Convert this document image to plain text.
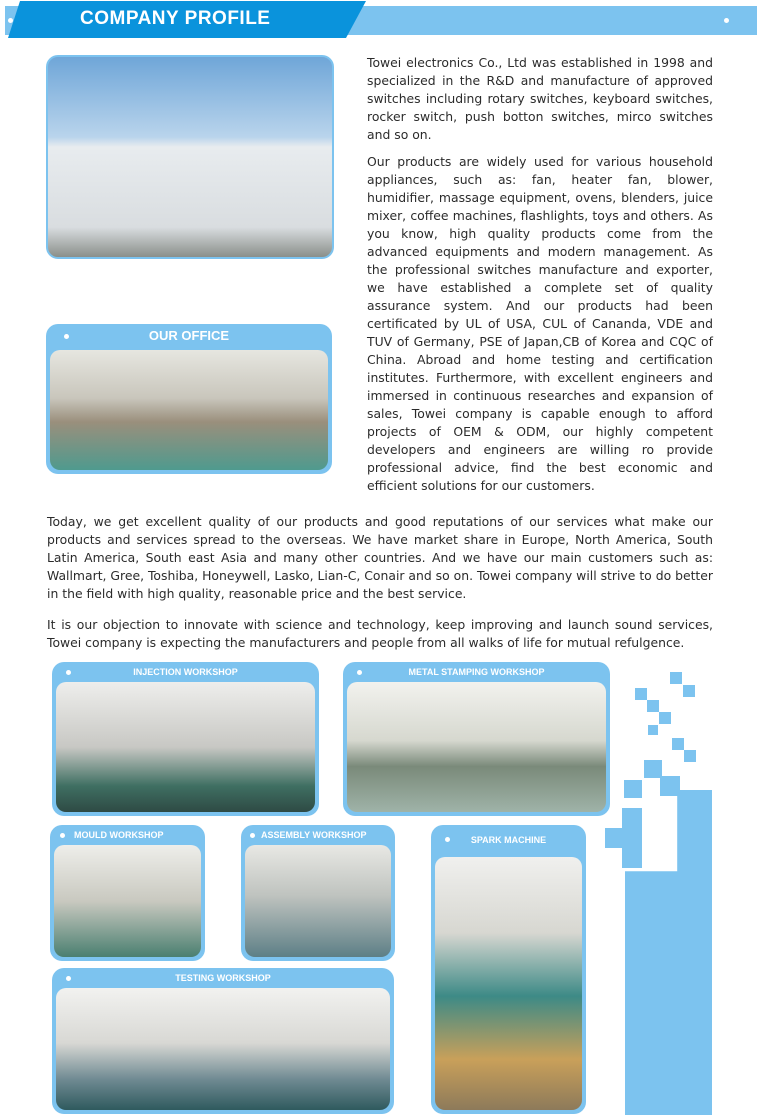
COMPANY PROFILE
OUR OFFICE

Towei electronics Co., Ltd was established in 1998 and specialized in the R&D and manufacture of approved switches including rotary switches, keyboard switches, rocker switch, push botton switches, mirco switches and so on.

Our products are widely used for various household appliances, such as: fan, heater fan, blower, humidifier, massage equipment, ovens, blenders, juice mixer, coffee machines, flashlights, toys and others. As you know, high quality products come from the advanced equipments and modern management. As the professional switches manufacture and exporter, we have established a complete set of quality assurance system. And our products had been certificated by UL of USA, CUL of Cananda, VDE and TUV of Germany, PSE of Japan,CB of Korea and CQC of China. Abroad and home testing and certification institutes. Furthermore, with excellent engineers and immersed in continuous researches and expansion of sales, Towei company is capable enough to afford projects of OEM & ODM, our highly competent developers and engineers are willing ro provide professional advice, find the best economic and efficient solutions for our customers.

Today, we get excellent quality of our products and good reputations of our services what make our products and services spread to the overseas. We have market share in Europe, North America, South Latin America, South east Asia and many other countries. And we have our main customers such as: Wallmart, Gree, Toshiba, Honeywell, Lasko, Lian-C, Conair and so on. Towei company will strive to do better in the field with high quality, reasonable price and the best service.

It is our objection to innovate with science and technology, keep improving and launch sound services, Towei company is expecting the manufacturers and people from all walks of life for mutual refulgence.

INJECTION WORKSHOP	METAL STAMPING WORKSHOP
MOULD WORKSHOP	ASSEMBLY WORKSHOP	SPARK MACHINE
TESTING WORKSHOP
